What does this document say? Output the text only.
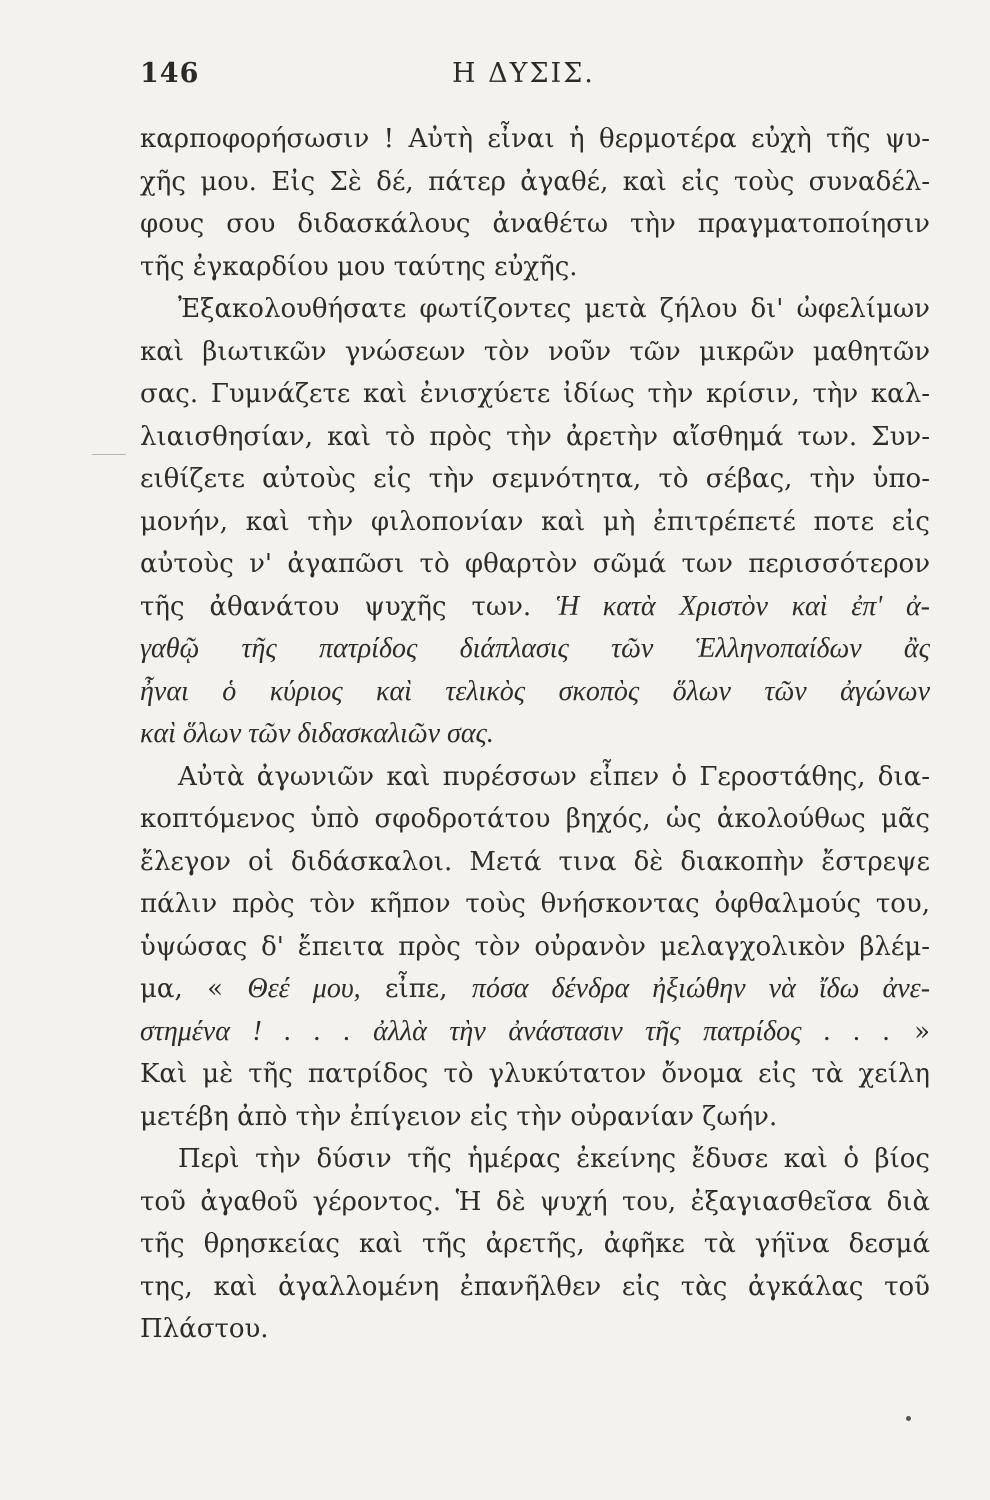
146	Η ΔΥΣΙΣ.
καρποφορήσωσιν ! Αὐτὴ εἶναι ἡ θερμοτέρα εὐχὴ τῆς ψυ-
χῆς μου. Εἰς Σὲ δέ, πάτερ ἀγαθέ, καὶ εἰς τοὺς συναδέλ-
φους σου διδασκάλους ἀναθέτω τὴν πραγματοποίησιν
τῆς ἐγκαρδίου μου ταύτης εὐχῆς.
Ἐξακολουθήσατε φωτίζοντες μετὰ ζήλου δι' ὠφελίμων
καὶ βιωτικῶν γνώσεων τὸν νοῦν τῶν μικρῶν μαθητῶν
σας. Γυμνάζετε καὶ ἐνισχύετε ἰδίως τὴν κρίσιν, τὴν καλ-
λιαισθησίαν, καὶ τὸ πρὸς τὴν ἀρετὴν αἴσθημά των. Συν-
ειθίζετε αὐτοὺς εἰς τὴν σεμνότητα, τὸ σέβας, τὴν ὑπο-
μονήν, καὶ τὴν φιλοπονίαν καὶ μὴ ἐπιτρέπετέ ποτε εἰς
αὐτοὺς ν' ἀγαπῶσι τὸ φθαρτὸν σῶμά των περισσότερον
τῆς ἀθανάτου ψυχῆς των. Ἡ κατὰ Χριστὸν καὶ ἐπ' ἀ-
γαθῷ τῆς πατρίδος διάπλασις τῶν Ἑλληνοπαίδων ἂς
ἦναι ὁ κύριος καὶ τελικὸς σκοπὸς ὅλων τῶν ἀγώνων
καὶ ὅλων τῶν διδασκαλιῶν σας.
Αὐτὰ ἀγωνιῶν καὶ πυρέσσων εἶπεν ὁ Γεροστάθης, δια-
κοπτόμενος ὑπὸ σφοδροτάτου βηχός, ὡς ἀκολούθως μᾶς
ἔλεγον οἱ διδάσκαλοι. Μετά τινα δὲ διακοπὴν ἔστρεψε
πάλιν πρὸς τὸν κῆπον τοὺς θνήσκοντας ὀφθαλμούς του,
ὑψώσας δ' ἔπειτα πρὸς τὸν οὐρανὸν μελαγχολικὸν βλέμ-
μα, « Θεέ μου, εἶπε, πόσα δένδρα ἠξιώθην νὰ ἴδω ἀνε-
στημένα ! . . . ἀλλὰ τὴν ἀνάστασιν τῆς πατρίδος . . . »
Καὶ μὲ τῆς πατρίδος τὸ γλυκύτατον ὄνομα εἰς τὰ χείλη
μετέβη ἀπὸ τὴν ἐπίγειον εἰς τὴν οὐρανίαν ζωήν.
Περὶ τὴν δύσιν τῆς ἡμέρας ἐκείνης ἔδυσε καὶ ὁ βίος
τοῦ ἀγαθοῦ γέροντος. Ἡ δὲ ψυχή του, ἐξαγιασθεῖσα διὰ
τῆς θρησκείας καὶ τῆς ἀρετῆς, ἀφῆκε τὰ γήϊνα δεσμά
της, καὶ ἀγαλλομένη ἐπανῆλθεν εἰς τὰς ἀγκάλας τοῦ
Πλάστου.
